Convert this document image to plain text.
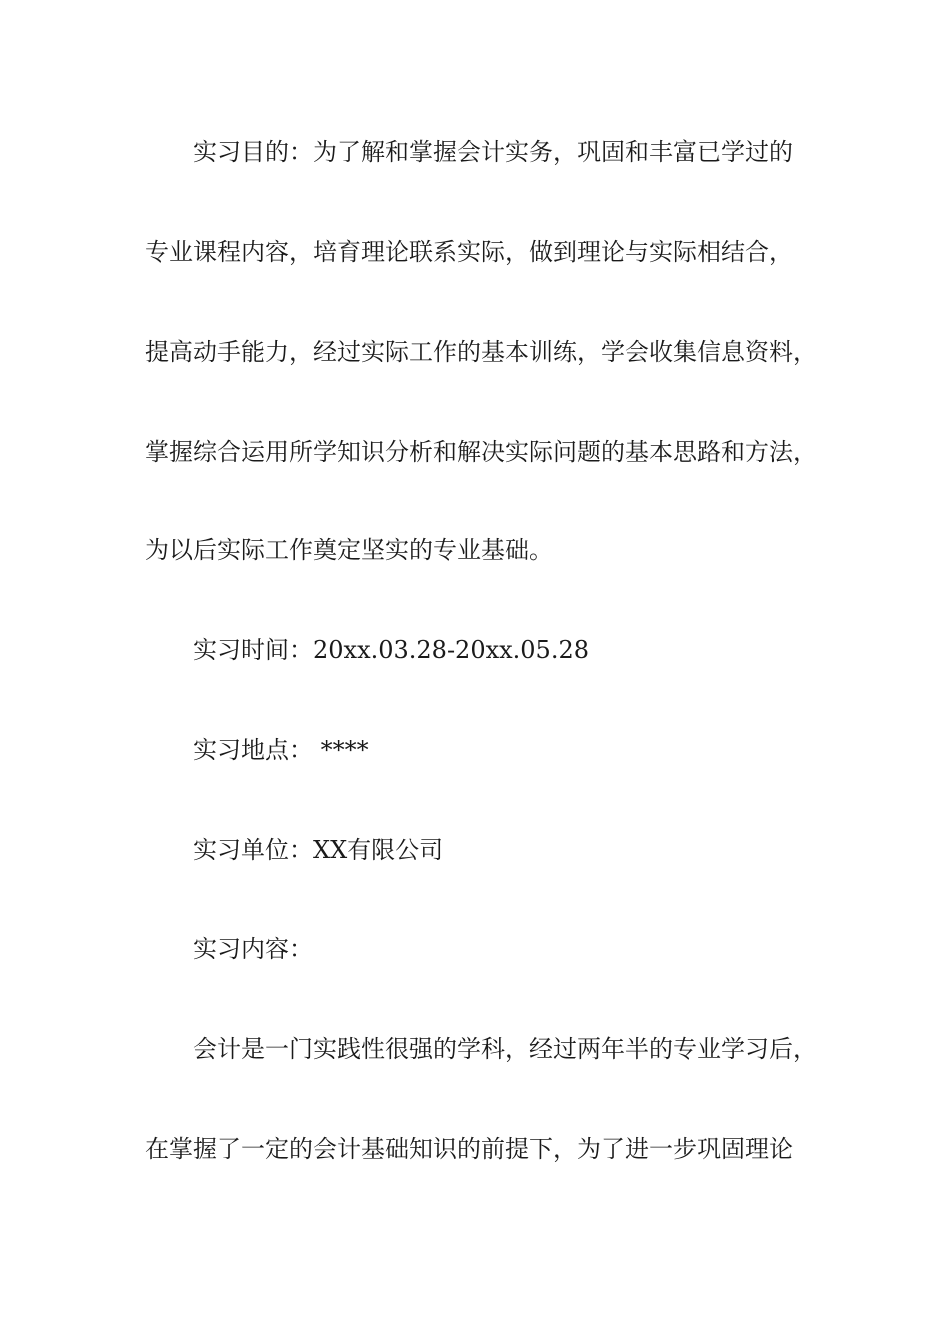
实习目的：为了解和掌握会计实务，巩固和丰富已学过的
专业课程内容，培育理论联系实际，做到理论与实际相结合，
提高动手能力，经过实际工作的基本训练，学会收集信息资料，
掌握综合运用所学知识分析和解决实际问题的基本思路和方法，
为以后实际工作奠定坚实的专业基础。
实习时间：20xx.03.28-20xx.05.28
实习地点： ****
实习单位：XX有限公司
实习内容：
会计是一门实践性很强的学科，经过两年半的专业学习后，
在掌握了一定的会计基础知识的前提下，为了进一步巩固理论
